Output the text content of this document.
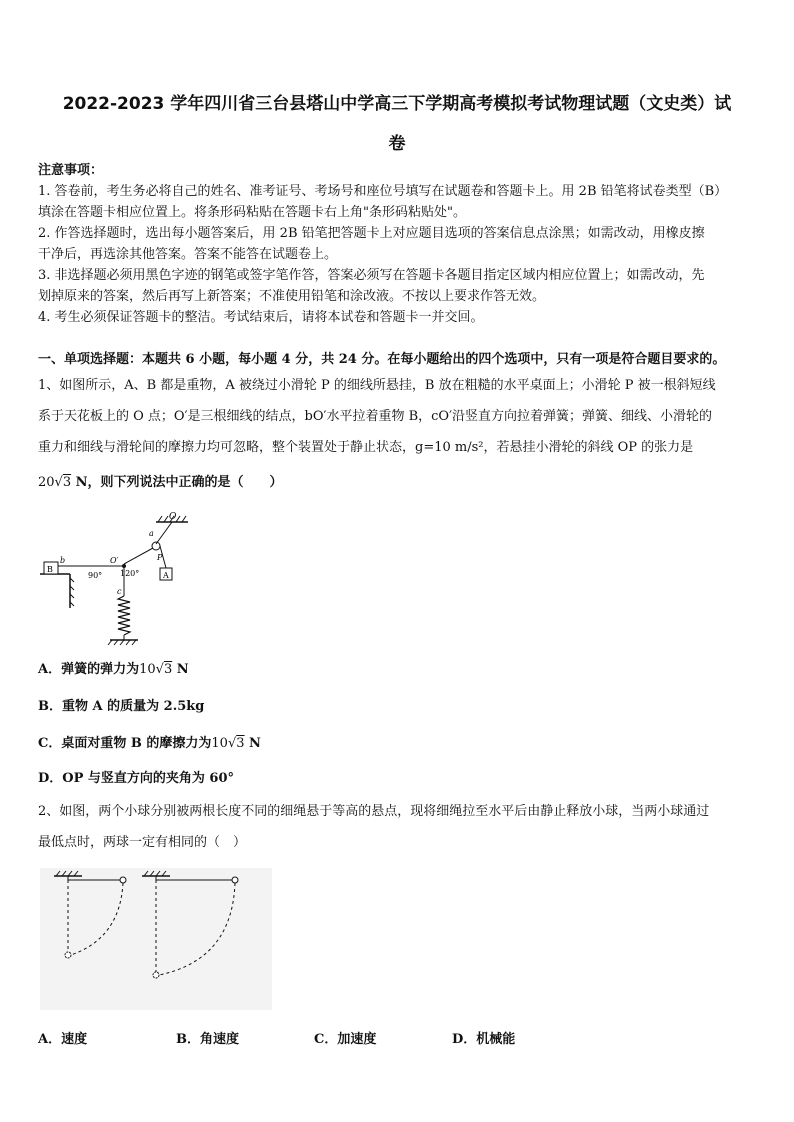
2022-2023 学年四川省三台县塔山中学高三下学期高考模拟考试物理试题（文史类）试
卷

注意事项：

1. 答卷前，考生务必将自己的姓名、准考证号、考场号和座位号填写在试题卷和答题卡上。用 2B 铅笔将试卷类型（B）

填涂在答题卡相应位置上。将条形码粘贴在答题卡右上角"条形码粘贴处"。

2. 作答选择题时，选出每小题答案后，用 2B 铅笔把答题卡上对应题目选项的答案信息点涂黑；如需改动，用橡皮擦

干净后，再选涂其他答案。答案不能答在试题卷上。

3. 非选择题必须用黑色字迹的钢笔或签字笔作答，答案必须写在答题卡各题目指定区域内相应位置上；如需改动，先

划掉原来的答案，然后再写上新答案；不准使用铅笔和涂改液。不按以上要求作答无效。

4. 考生必须保证答题卡的整洁。考试结束后，请将本试卷和答题卡一并交回。

一、单项选择题：本题共 6 小题，每小题 4 分，共 24 分。在每小题给出的四个选项中，只有一项是符合题目要求的。

1、如图所示，A、B 都是重物，A 被绕过小滑轮 P 的细线所悬挂，B 放在粗糙的水平桌面上；小滑轮 P 被一根斜短线

系于天花板上的 O 点；O′是三根细线的结点，bO′水平拉着重物 B，cO′沿竖直方向拉着弹簧；弹簧、细线、小滑轮的

重力和细线与滑轮间的摩擦力均可忽略，整个装置处于静止状态，g=10 m/s²，若悬挂小滑轮的斜线 OP 的张力是

20√3 N，则下列说法中正确的是（　　）

O
a
P
A
O′
b
B
90° 120°
c
A．弹簧的弹力为10√3 N
B．重物 A 的质量为 2.5kg
C．桌面对重物 B 的摩擦力为10√3 N
D．OP 与竖直方向的夹角为 60°

2、如图，两个小球分别被两根长度不同的细绳悬于等高的悬点，现将细绳拉至水平后由静止释放小球，当两小球通过

最低点时，两球一定有相同的（　）

A．速度	B．角速度	C．加速度	D．机械能
